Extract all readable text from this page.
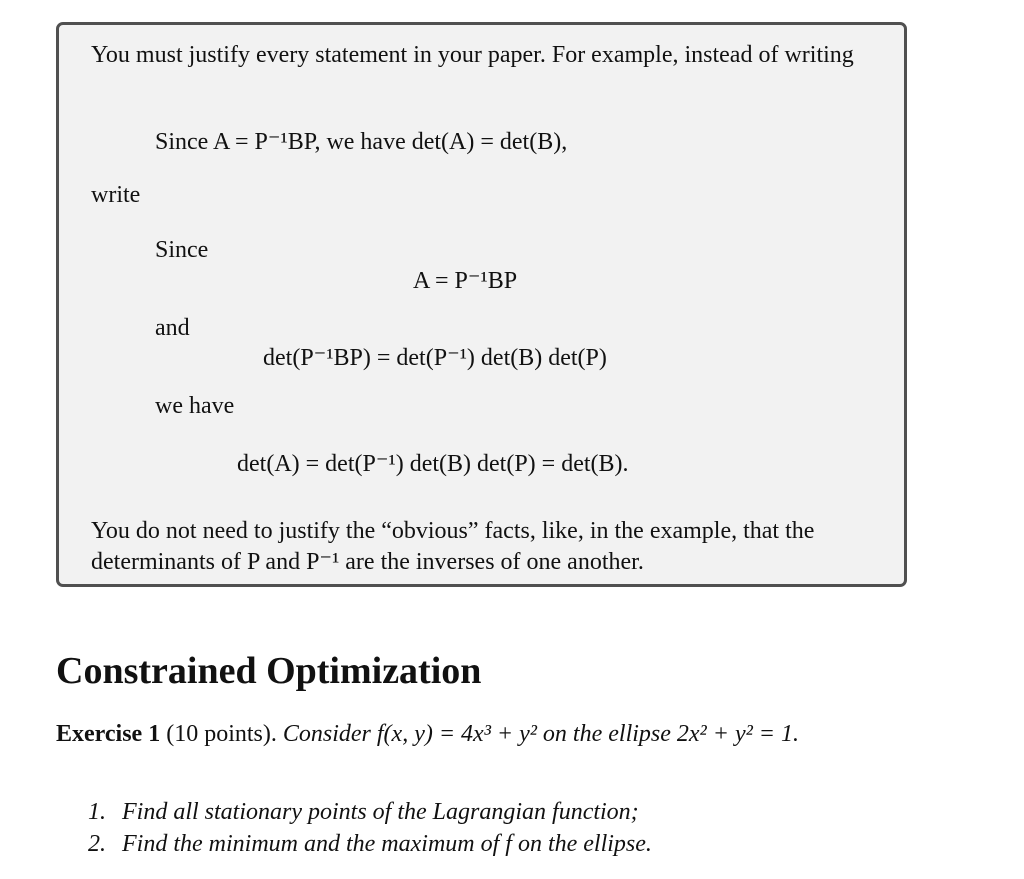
You must justify every statement in your paper. For example, instead of writing
Since A = P⁻¹BP, we have det(A) = det(B),
write
Since
A = P⁻¹BP
and
det(P⁻¹BP) = det(P⁻¹) det(B) det(P)
we have
det(A) = det(P⁻¹) det(B) det(P) = det(B).
You do not need to justify the “obvious” facts, like, in the example, that the determinants of P and P⁻¹ are the inverses of one another.
Constrained Optimization
Exercise 1 (10 points). Consider f(x, y) = 4x³ + y² on the ellipse 2x² + y² = 1.
1. Find all stationary points of the Lagrangian function;
2. Find the minimum and the maximum of f on the ellipse.
